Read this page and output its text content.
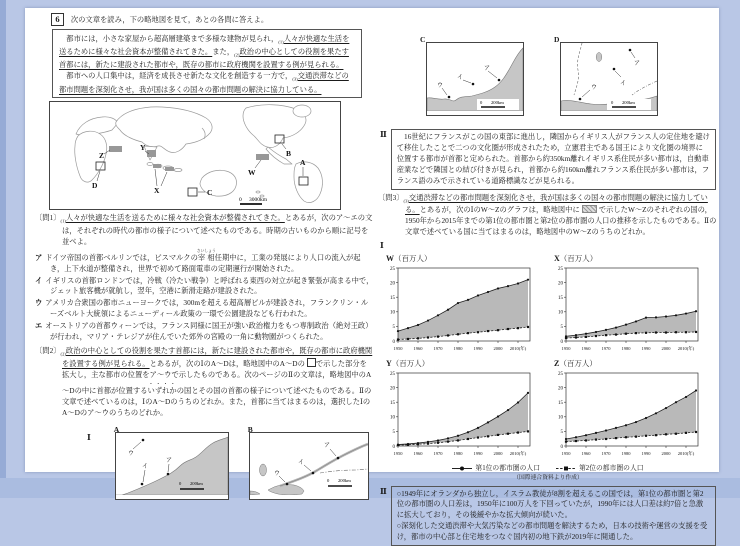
6 次の文章を読み，下の略地図を見て，あとの各問に答えよ。

　都市には，小さな家屋から超高層建築まで多様な建物が見られ，$_{(1)}$人々が快適な生活を送るために様々な社会資本が整備されてきた。また，$_{(2)}$政治の中心としての役割を果たす首都には，新たに建設された都市や，既存の都市に政府機関を設置する例が見られる。

　都市への人口集中は，経済を成長させ新たな文化を創造する一方で，$_{(3)}$交通渋滞などの都市問題を深刻化させ，我が国は多くの国々の都市問題の解決に協力している。

Z
D
Y
X	C
W
B
A
0 3000km

〔問1〕$_{(1)}$人々が快適な生活を送るために様々な社会資本が整備されてきた。とあるが，次のア～エの文は，それぞれの時代の都市の様子について述べたものである。時期の古いものから順に記号を並べよ。

ア ドイツ帝国の首都ベルリンでは，ビスマルクの宰相さいしょう任期中に，工業の発展により人口の流入が起き，上下水道が整備され，世界で初めて路面電車の定期運行が開始された。

イ イギリスの首都ロンドンでは，冷戦（冷たい戦争）と呼ばれる東西の対立が起き緊張が高まる中で，ジェット旅客機が就航し，翌年，空港に新滑走路が建設された。

ウ アメリカ合衆国の都市ニューヨークでは，300mを超える超高層ビルが建設され，フランクリン・ルーズベルト大統領によるニューディール政策の一環で公園建設なども行われた。

エ オーストリアの首都ウィーンでは，フランス同様に国王が強い政治権力をもつ専制政治（絶対王政）が行われ，マリア・テレジアが住んでいた郊外の宮殿の一角に動物園がつくられた。

〔問2〕$_{(2)}$政治の中心としての役割を果たす首都には，新たに建設された都市や，既存の都市に政府機関を設置する例が見られる。とあるが，次のⅠのA～Dは，略地図中のA～Dの で示した部分を拡大し，主な都市の位置をア～ウで示したものである。次のページのⅡの文章は，略地図中のA～Dの中に首都が位置するいずれかの国とその国の首都の様子について述べたものである。Ⅱの文章で述べているのは，ⅠのA～Dのうちのどれか。また，首都に当てはまるのは，選択したⅠのA～Dのア～ウのうちのどれか。

Ⅰ
A
ウ
イ
ア
0 200km
B
ウ
イ
ア
0 200km
C
ア
イ
ウ
0 200km
D
ア
イ
ウ
0 200km
Ⅱ 　16世紀にフランスがこの国の東部に進出し，隣国からイギリス人がフランス人の定住地を避けて移住したことで二つの文化圏が形成されたため，立憲君主である国王により文化圏の境界に位置する都市が首都と定められた。首都から約350km離れイギリス系住民が多い都市は，自動車産業などで隣国との結び付きが見られ，首都から約160km離れフランス系住民が多い都市は，フランス語のみで示されている道路標識などが見られる。

〔問3〕$_{(3)}$交通渋滞などの都市問題を深刻化させ，我が国は多くの国々の都市問題の解決に協力している。とあるが，次のⅠのW～Zのグラフは，略地図中に	で示したW～Zのそれぞれの国の，1950年から2015年までの第1位の都市圏と第2位の都市圏の人口の推移を示したものである。Ⅱの文章で述べている国に当てはまるのは，略地図中のW～Zのうちのどれか。

Ⅰ
W（百万人）
0
5
10
15
20
25
1950 1960 1970 1980 1990 2000 2010(年)
X（百万人）
0
5
10
15
20
25
1950 1960 1970 1980 1990 2000 2010(年)
Y（百万人）
0
5
10
15
20
25
1950 1960 1970 1980 1990 2000 2010(年)
Z（百万人）
0
5
10
15
20
25
1950 1960 1970 1980 1990 2000 2010(年)
第1位の都市圏の人口	第2位の都市圏の人口
（国際連合資料より作成）
Ⅱ ○1949年にオランダから独立し，イスラム教徒が8割を超えるこの国では，第1位の都市圏と第2位の都市圏の人口差は，1950年に100万人を下回っていたが，1990年には人口差は約7倍と急激に拡大しており，その後緩やかな拡大傾向が続いた。

○深刻化した交通渋滞や大気汚染などの都市問題を解決するため，日本の技術や運営の支援を受け，都市の中心部と住宅地をつなぐ国内初の地下鉄が2019年に開通した。
